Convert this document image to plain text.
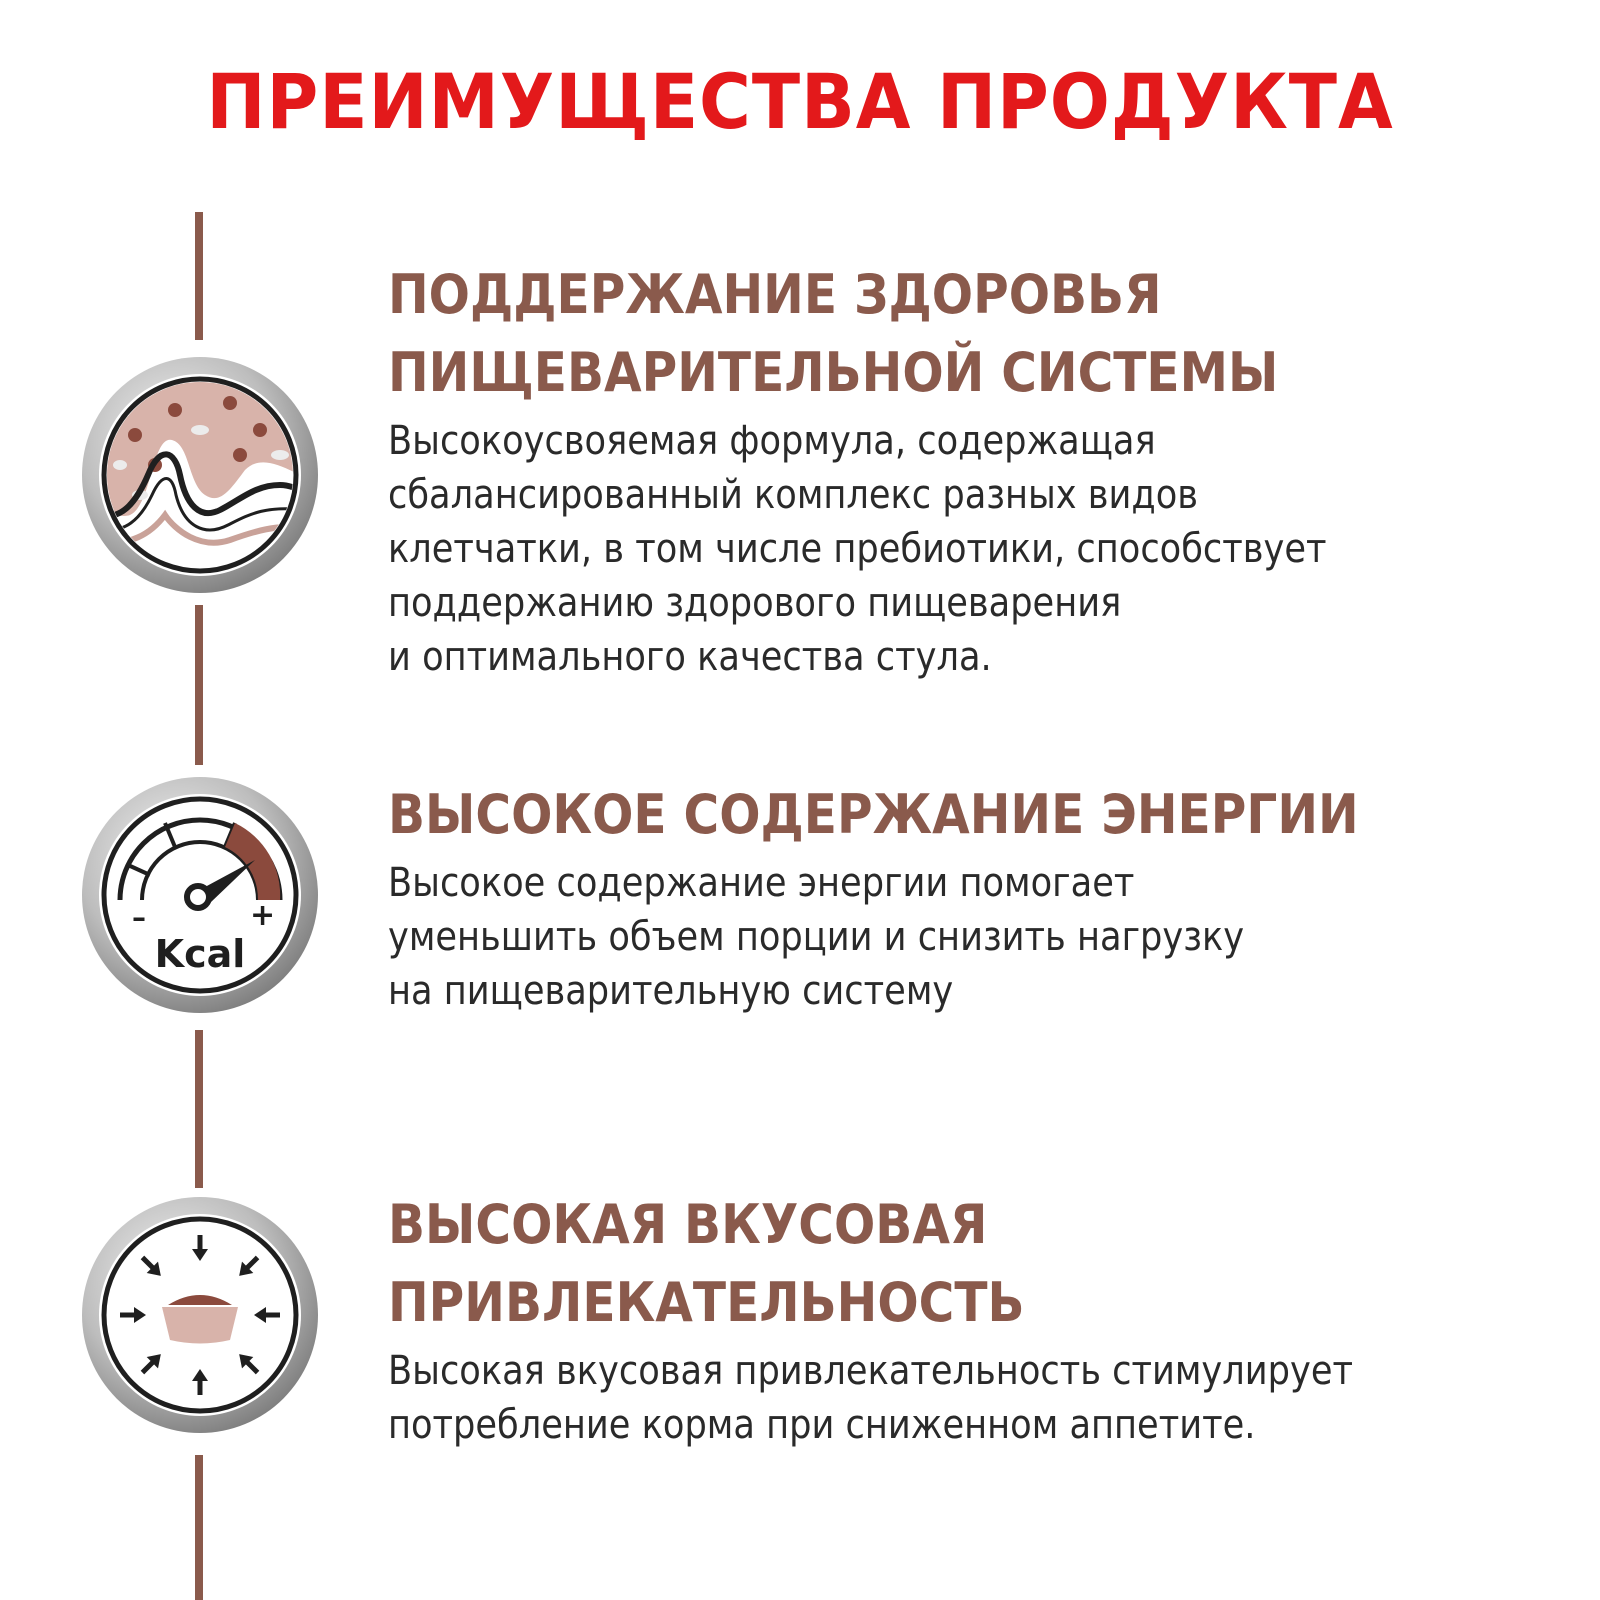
ПРЕИМУЩЕСТВА ПРОДУКТА
–	+
Kcal
ПОДДЕРЖАНИЕ ЗДОРОВЬЯ
ПИЩЕВАРИТЕЛЬНОЙ СИСТЕМЫ
Высокоусвояемая формула, содержащая
сбалансированный комплекс разных видов
клетчатки, в том числе пребиотики, способствует
поддержанию здорового пищеварения
и оптимального качества стула.
ВЫСОКОЕ СОДЕРЖАНИЕ ЭНЕРГИИ
Высокое содержание энергии помогает
уменьшить объем порции и снизить нагрузку
на пищеварительную систему
ВЫСОКАЯ ВКУСОВАЯ
ПРИВЛЕКАТЕЛЬНОСТЬ
Высокая вкусовая привлекательность стимулирует
потребление корма при сниженном аппетите.
